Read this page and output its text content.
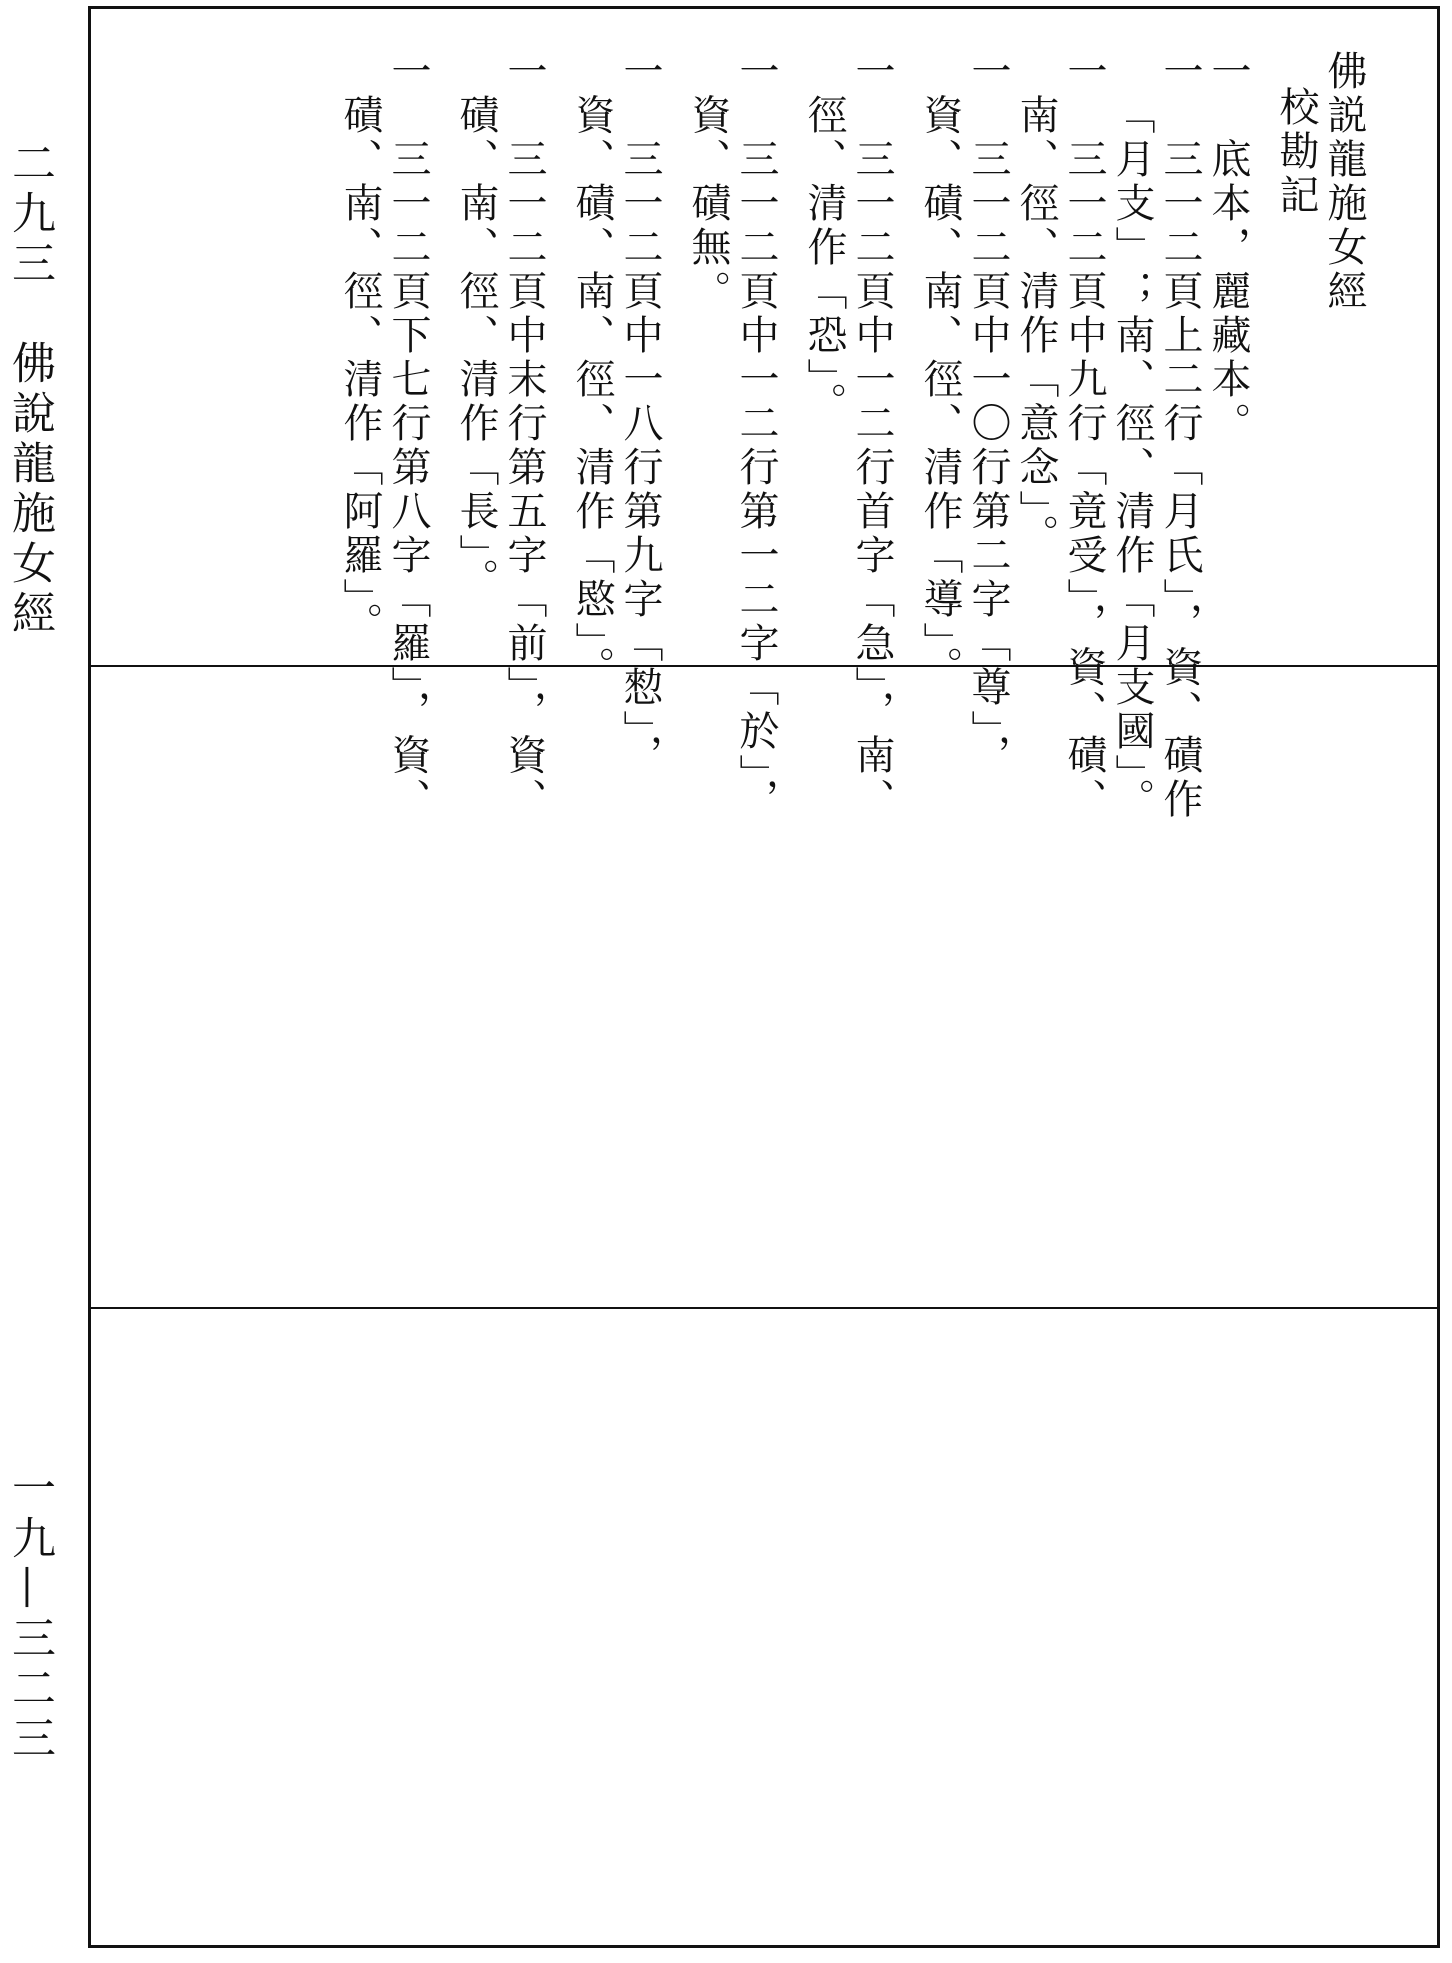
二九三　佛說龍施女經
一九—三二三
佛説龍施女經
校勘記
一　底本，麗藏本。
一　三一二頁上二行「月氏」，資、磧作
「月支」；南、徑、清作「月支國」。
一　三一二頁中九行「竟受」，資、磧、
南、徑、清作「意念」。
一　三一二頁中一〇行第二字「尊」，
資、磧、南、徑、清作「導」。
一　三一二頁中一二行首字「急」，南、
徑、清作「恐」。
一　三一二頁中一二行第一二字「於」，
資、磧無。
一　三一二頁中一八行第九字「愸」，
資、磧、南、徑、清作「愍」。
一　三一二頁中末行第五字「前」，資、
磧、南、徑、清作「長」。
一　三一二頁下七行第八字「羅」，資、
磧、南、徑、清作「阿羅」。
